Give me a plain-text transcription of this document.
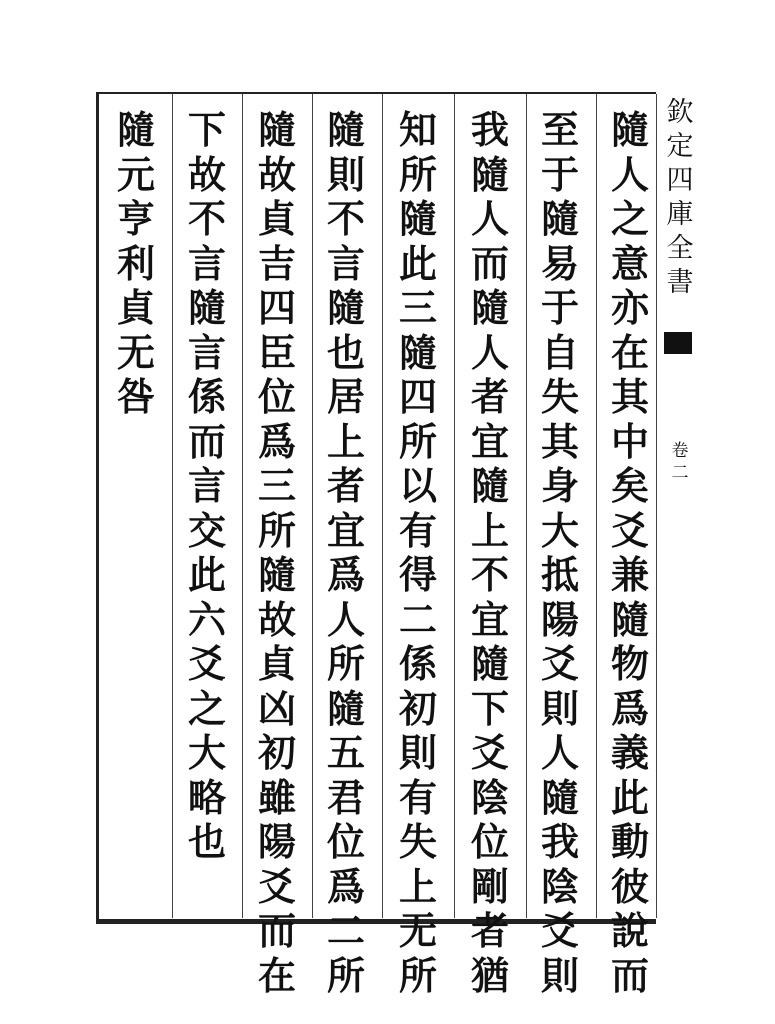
欽
定
四
庫
全
書
卷
二
隨
人
之
意
亦
在
其
中
矣
爻
兼
隨
物
爲
義
此
動
彼
說
而
至
于
隨
易
于
自
失
其
身
大
抵
陽
爻
則
人
隨
我
陰
爻
則
我
隨
人
而
隨
人
者
宜
隨
上
不
宜
隨
下
爻
陰
位
剛
者
猶
知
所
隨
此
三
隨
四
所
以
有
得
二
係
初
則
有
失
上
无
所
隨
則
不
言
隨
也
居
上
者
宜
爲
人
所
隨
五
君
位
爲
二
所
隨
故
貞
吉
四
臣
位
爲
三
所
隨
故
貞
凶
初
雖
陽
爻
而
在
下
故
不
言
隨
言
係
而
言
交
此
六
爻
之
大
略
也
隨
元
亨
利
貞
无
咎
